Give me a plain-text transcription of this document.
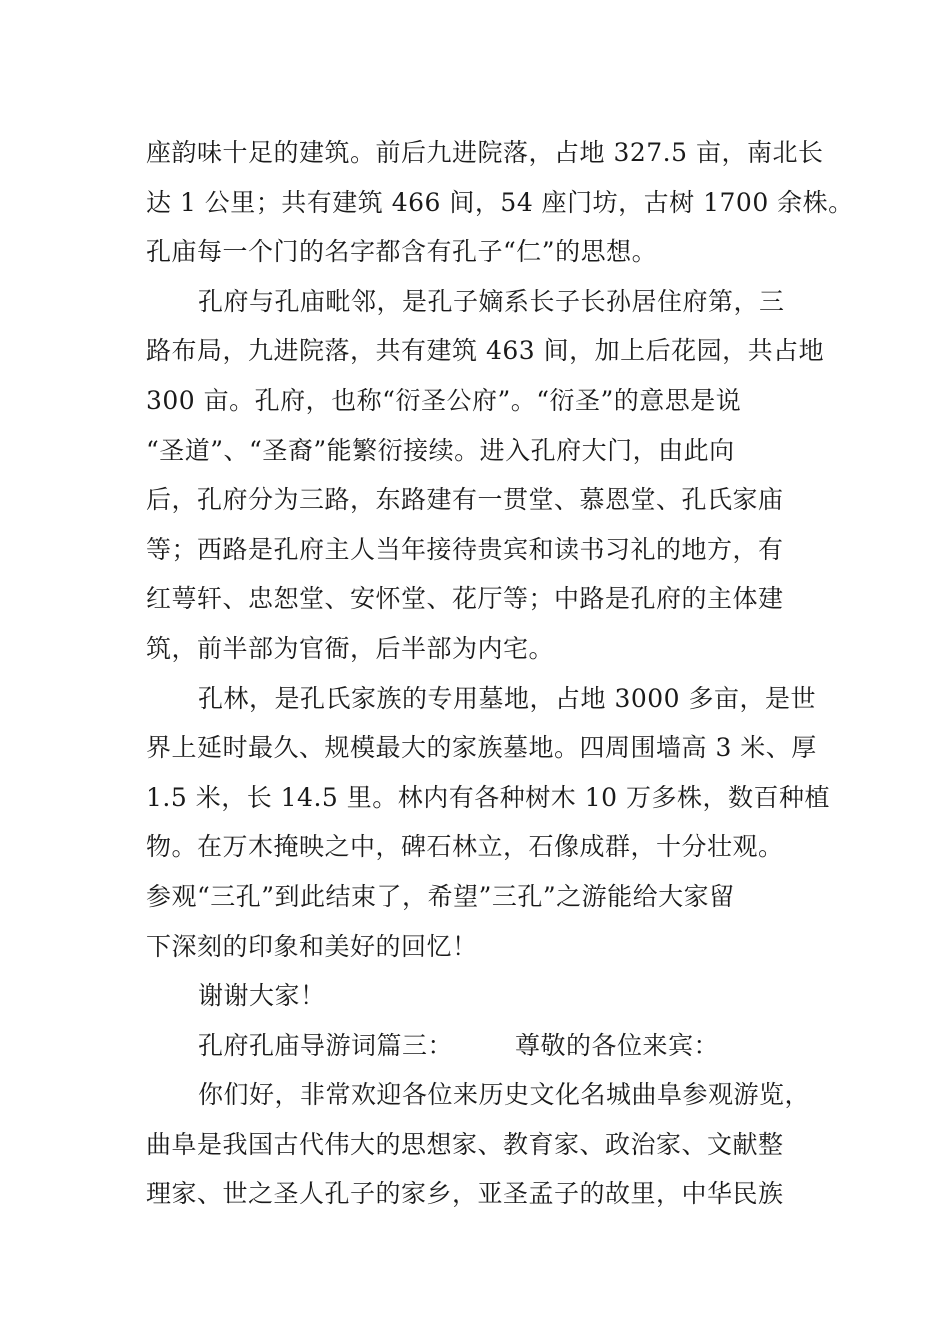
座韵味十足的建筑。前后九进院落，占地 327.5 亩，南北长
达 1 公里；共有建筑 466 间，54 座门坊，古树 1700 余株。
孔庙每一个门的名字都含有孔子“仁”的思想。
孔府与孔庙毗邻，是孔子嫡系长子长孙居住府第，三
路布局，九进院落，共有建筑 463 间，加上后花园，共占地
300 亩。孔府，也称“衍圣公府”。“衍圣”的意思是说
“圣道”、“圣裔”能繁衍接续。进入孔府大门，由此向
后，孔府分为三路，东路建有一贯堂、慕恩堂、孔氏家庙
等；西路是孔府主人当年接待贵宾和读书习礼的地方，有
红萼轩、忠恕堂、安怀堂、花厅等；中路是孔府的主体建
筑，前半部为官衙，后半部为内宅。
孔林，是孔氏家族的专用墓地，占地 3000 多亩，是世
界上延时最久、规模最大的家族墓地。四周围墙高 3 米、厚
1.5 米，长 14.5 里。林内有各种树木 10 万多株，数百种植
物。在万木掩映之中，碑石林立，石像成群，十分壮观。
参观“三孔”到此结束了，希望”三孔”之游能给大家留
下深刻的印象和美好的回忆！
谢谢大家！
孔府孔庙导游词篇三： 尊敬的各位来宾：
你们好，非常欢迎各位来历史文化名城曲阜参观游览，
曲阜是我国古代伟大的思想家、教育家、政治家、文献整
理家、世之圣人孔子的家乡，亚圣孟子的故里，中华民族
